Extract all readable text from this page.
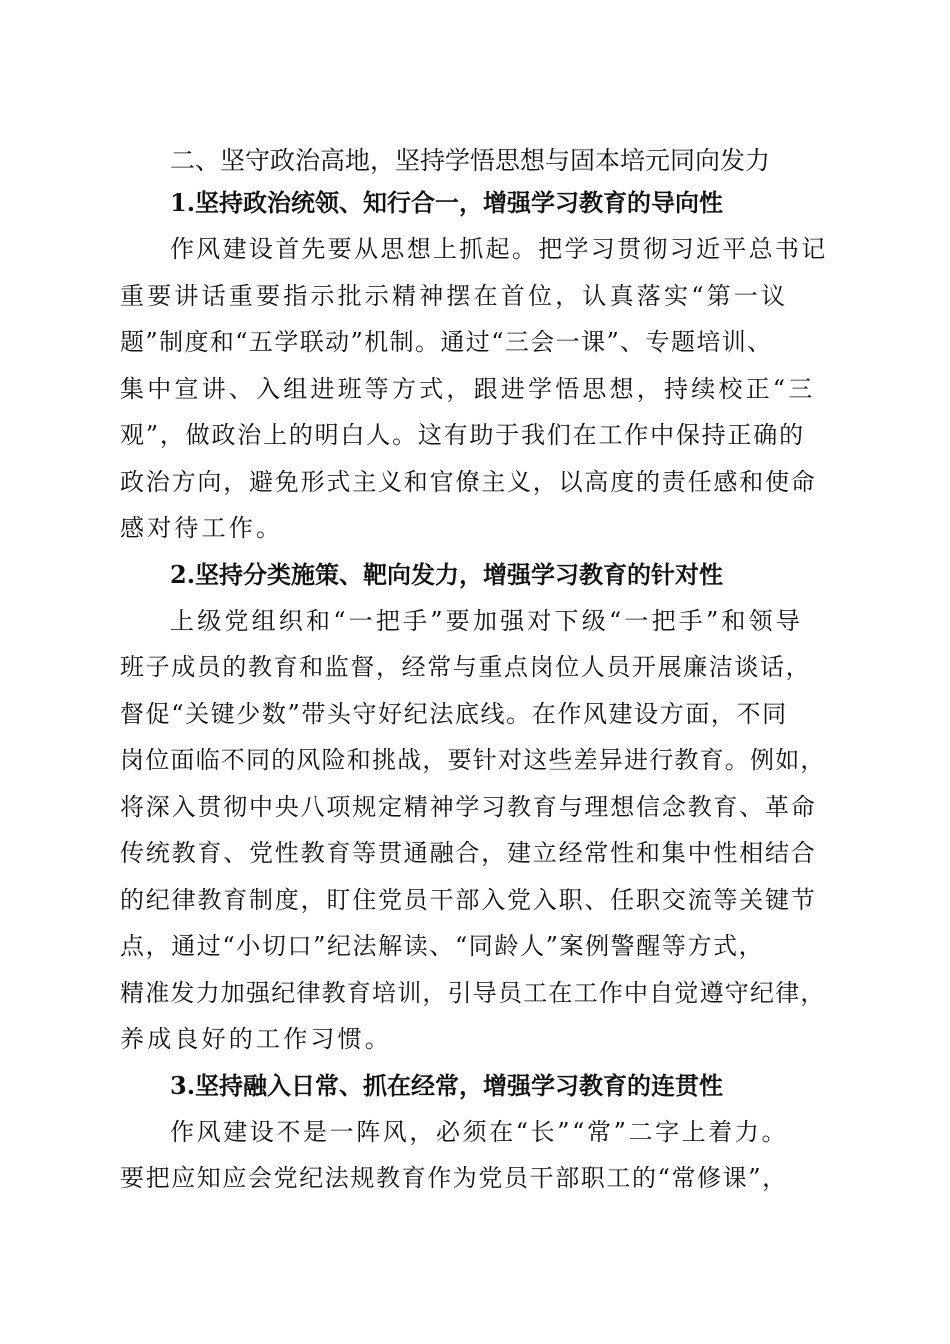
二、坚守政治高地，坚持学悟思想与固本培元同向发力
1.坚持政治统领、知行合一，增强学习教育的导向性
作风建设首先要从思想上抓起。把学习贯彻习近平总书记
重要讲话重要指示批示精神摆在首位，认真落实“第一议
题”制度和“五学联动”机制。通过“三会一课”、专题培训、
集中宣讲、入组进班等方式，跟进学悟思想，持续校正“三
观”，做政治上的明白人。这有助于我们在工作中保持正确的
政治方向，避免形式主义和官僚主义，以高度的责任感和使命
感对待工作。
2.坚持分类施策、靶向发力，增强学习教育的针对性
上级党组织和“一把手”要加强对下级“一把手”和领导
班子成员的教育和监督，经常与重点岗位人员开展廉洁谈话，
督促“关键少数”带头守好纪法底线。在作风建设方面，不同
岗位面临不同的风险和挑战，要针对这些差异进行教育。例如，
将深入贯彻中央八项规定精神学习教育与理想信念教育、革命
传统教育、党性教育等贯通融合，建立经常性和集中性相结合
的纪律教育制度，盯住党员干部入党入职、任职交流等关键节
点，通过“小切口”纪法解读、“同龄人”案例警醒等方式，
精准发力加强纪律教育培训，引导员工在工作中自觉遵守纪律，
养成良好的工作习惯。
3.坚持融入日常、抓在经常，增强学习教育的连贯性
作风建设不是一阵风，必须在“长”“常”二字上着力。
要把应知应会党纪法规教育作为党员干部职工的“常修课”，
